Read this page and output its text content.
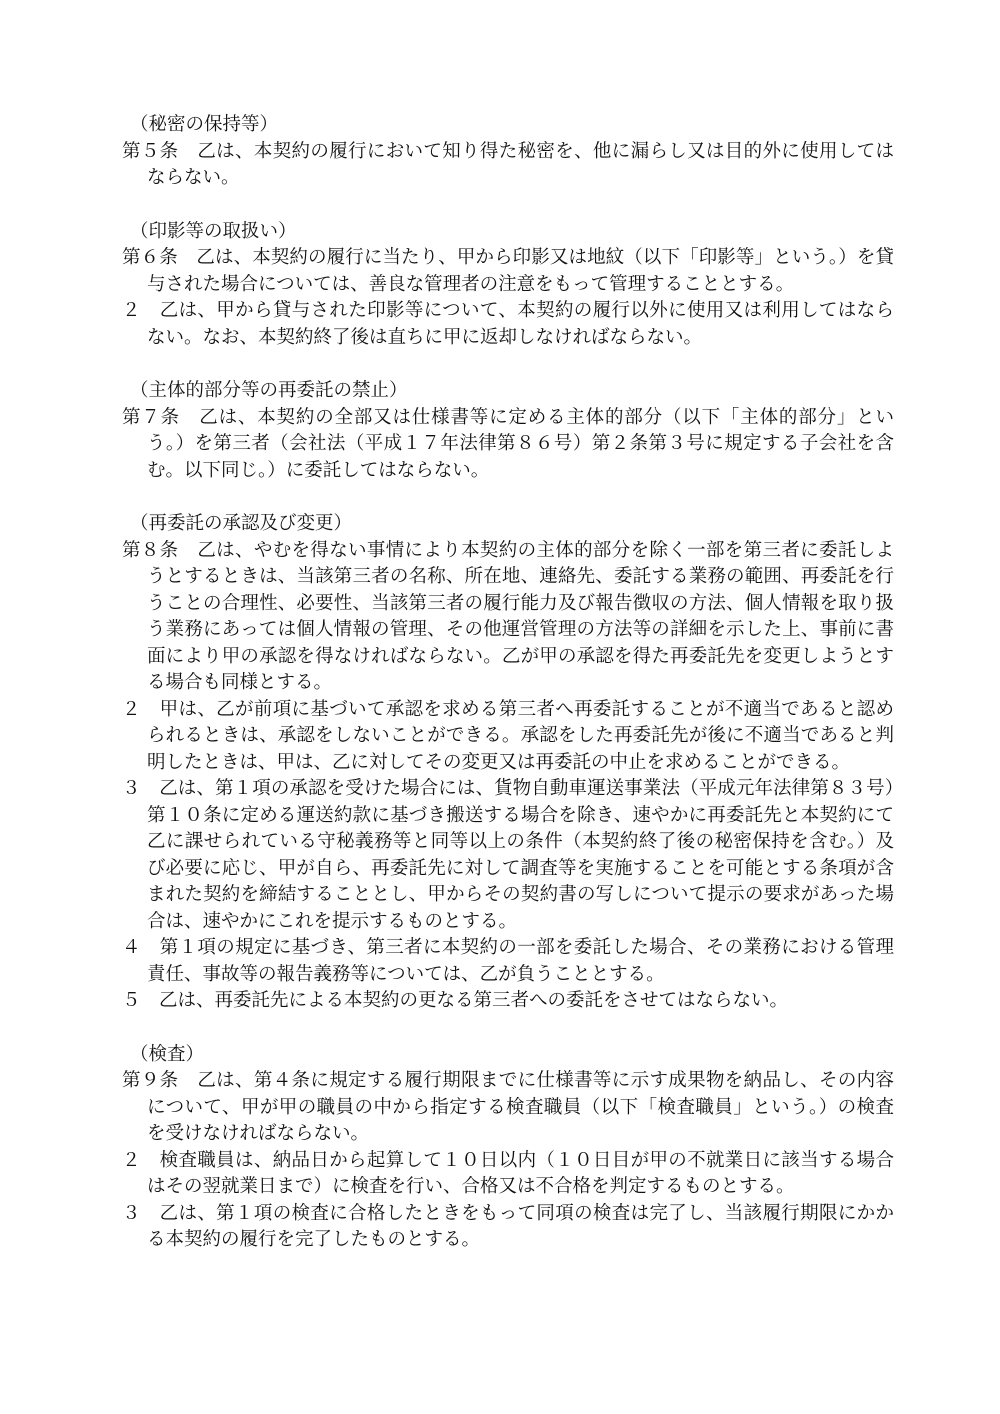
（秘密の保持等）
第５条　乙は、本契約の履行において知り得た秘密を、他に漏らし又は目的外に使用してはならない。
（印影等の取扱い）
第６条　乙は、本契約の履行に当たり、甲から印影又は地紋（以下「印影等」という。）を貸与された場合については、善良な管理者の注意をもって管理することとする。
２　乙は、甲から貸与された印影等について、本契約の履行以外に使用又は利用してはならない。なお、本契約終了後は直ちに甲に返却しなければならない。
（主体的部分等の再委託の禁止）
第７条　乙は、本契約の全部又は仕様書等に定める主体的部分（以下「主体的部分」という。）を第三者（会社法（平成１７年法律第８６号）第２条第３号に規定する子会社を含む。以下同じ。）に委託してはならない。
（再委託の承認及び変更）
第８条　乙は、やむを得ない事情により本契約の主体的部分を除く一部を第三者に委託しようとするときは、当該第三者の名称、所在地、連絡先、委託する業務の範囲、再委託を行うことの合理性、必要性、当該第三者の履行能力及び報告徴収の方法、個人情報を取り扱う業務にあっては個人情報の管理、その他運営管理の方法等の詳細を示した上、事前に書面により甲の承認を得なければならない。乙が甲の承認を得た再委託先を変更しようとする場合も同様とする。
２　甲は、乙が前項に基づいて承認を求める第三者へ再委託することが不適当であると認められるときは、承認をしないことができる。承認をした再委託先が後に不適当であると判明したときは、甲は、乙に対してその変更又は再委託の中止を求めることができる。
３　乙は、第１項の承認を受けた場合には、貨物自動車運送事業法（平成元年法律第８３号）第１０条に定める運送約款に基づき搬送する場合を除き、速やかに再委託先と本契約にて乙に課せられている守秘義務等と同等以上の条件（本契約終了後の秘密保持を含む。）及び必要に応じ、甲が自ら、再委託先に対して調査等を実施することを可能とする条項が含まれた契約を締結することとし、甲からその契約書の写しについて提示の要求があった場合は、速やかにこれを提示するものとする。
４　第１項の規定に基づき、第三者に本契約の一部を委託した場合、その業務における管理責任、事故等の報告義務等については、乙が負うこととする。
５　乙は、再委託先による本契約の更なる第三者への委託をさせてはならない。
（検査）
第９条　乙は、第４条に規定する履行期限までに仕様書等に示す成果物を納品し、その内容について、甲が甲の職員の中から指定する検査職員（以下「検査職員」という。）の検査を受けなければならない。
２　検査職員は、納品日から起算して１０日以内（１０日目が甲の不就業日に該当する場合はその翌就業日まで）に検査を行い、合格又は不合格を判定するものとする。
３　乙は、第１項の検査に合格したときをもって同項の検査は完了し、当該履行期限にかかる本契約の履行を完了したものとする。
